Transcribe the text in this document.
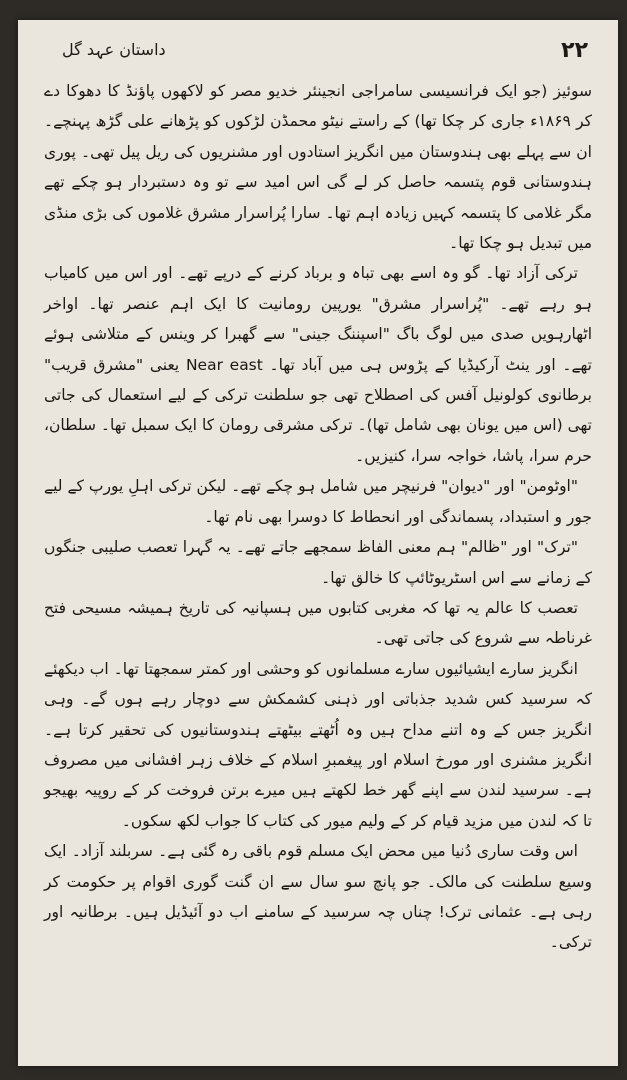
۲۲
داستان عہد گل

سوئیز (جو ایک فرانسیسی سامراجی انجینئر خدیو مصر کو لاکھوں پاؤنڈ کا دھوکا دے کر ۱۸۶۹ء جاری کر چکا تھا) کے راستے نیٹو محمڈن لڑکوں کو پڑھانے علی گڑھ پہنچے۔ ان سے پہلے بھی ہندوستان میں انگریز استادوں اور مشنریوں کی ریل پیل تھی۔ پوری ہندوستانی قوم پتسمہ حاصل کر لے گی اس امید سے تو وہ دستبردار ہو چکے تھے مگر غلامی کا پتسمہ کہیں زیادہ اہم تھا۔ سارا پُراسرار مشرق غلاموں کی بڑی منڈی میں تبدیل ہو چکا تھا۔

ترکی آزاد تھا۔ گو وہ اسے بھی تباہ و برباد کرنے کے درپے تھے۔ اور اس میں کامیاب ہو رہے تھے۔ "پُراسرار مشرق" یورپین رومانیت کا ایک اہم عنصر تھا۔ اواخر اٹھارہویں صدی میں لوگ باگ "اسپننگ جینی" سے گھبرا کر وینس کے متلاشی ہوئے تھے۔ اور ینٹ آرکیڈیا کے پڑوس ہی میں آباد تھا۔ Near east یعنی "مشرق قریب" برطانوی کولونیل آفس کی اصطلاح تھی جو سلطنت ترکی کے لیے استعمال کی جاتی تھی (اس میں یونان بھی شامل تھا)۔ ترکی مشرقی رومان کا ایک سمبل تھا۔ سلطان، حرم سرا، پاشا، خواجہ سرا، کنیزیں۔

"اوٹومن" اور "دیوان" فرنیچر میں شامل ہو چکے تھے۔ لیکن ترکی اہلِ یورپ کے لیے جور و استبداد، پسماندگی اور انحطاط کا دوسرا بھی نام تھا۔

"ترک" اور "ظالم" ہم معنی الفاظ سمجھے جاتے تھے۔ یہ گہرا تعصب صلیبی جنگوں کے زمانے سے اس اسٹریوٹائپ کا خالق تھا۔

تعصب کا عالم یہ تھا کہ مغربی کتابوں میں ہسپانیہ کی تاریخ ہمیشہ مسیحی فتح غرناطہ سے شروع کی جاتی تھی۔

انگریز سارے ایشیائیوں سارے مسلمانوں کو وحشی اور کمتر سمجھتا تھا۔ اب دیکھئے کہ سرسید کس شدید جذباتی اور ذہنی کشمکش سے دوچار رہے ہوں گے۔ وہی انگریز جس کے وہ اتنے مداح ہیں وہ اُٹھتے بیٹھتے ہندوستانیوں کی تحقیر کرتا ہے۔ انگریز مشنری اور مورخ اسلام اور پیغمبرِ اسلام کے خلاف زہر افشانی میں مصروف ہے۔ سرسید لندن سے اپنے گھر خط لکھتے ہیں میرے برتن فروخت کر کے روپیہ بھیجو تا کہ لندن میں مزید قیام کر کے ولیم میور کی کتاب کا جواب لکھ سکوں۔

اس وقت ساری دُنیا میں محض ایک مسلم قوم باقی رہ گئی ہے۔ سربلند آزاد۔ ایک وسیع سلطنت کی مالک۔ جو پانچ سو سال سے ان گنت گوری اقوام پر حکومت کر رہی ہے۔ عثمانی ترک! چناں چہ سرسید کے سامنے اب دو آئیڈیل ہیں۔ برطانیہ اور ترکی۔
